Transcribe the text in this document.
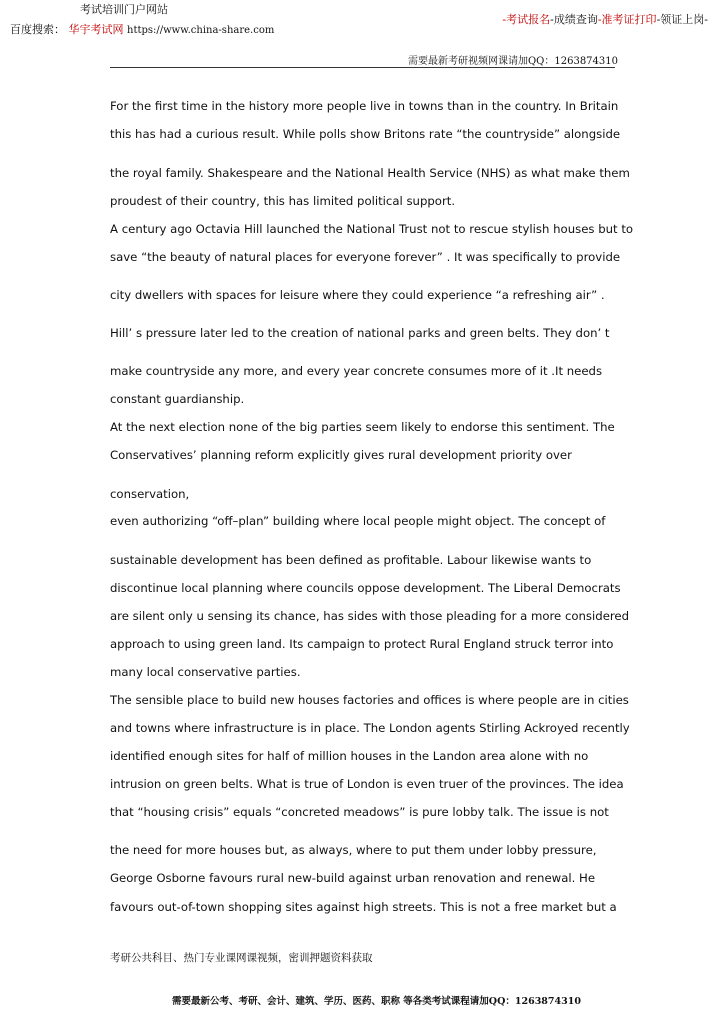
考试培训门户网站
百度搜索： 华宇考试网 https://www.china-share.com
-考试报名-成绩查询-准考证打印-领证上岗-
需要最新考研视频网课请加QQ：1263874310
For the first time in the history more people live in towns than in the country. In Britain
this has had a curious result. While polls show Britons rate “the countryside” alongside
the royal family. Shakespeare and the National Health Service (NHS) as what make them
proudest of their country, this has limited political support.
A century ago Octavia Hill launched the National Trust not to rescue stylish houses but to
save “the beauty of natural places for everyone forever” . It was specifically to provide
city dwellers with spaces for leisure where they could experience “a refreshing air” .
Hill’ s pressure later led to the creation of national parks and green belts. They don’ t
make countryside any more, and every year concrete consumes more of it .It needs
constant guardianship.
At the next election none of the big parties seem likely to endorse this sentiment. The
Conservatives’ planning reform explicitly gives rural development priority over
conservation,
even authorizing “off–plan” building where local people might object. The concept of
sustainable development has been defined as profitable. Labour likewise wants to
discontinue local planning where councils oppose development. The Liberal Democrats
are silent only u sensing its chance, has sides with those pleading for a more considered
approach to using green land. Its campaign to protect Rural England struck terror into
many local conservative parties.
The sensible place to build new houses factories and offices is where people are in cities
and towns where infrastructure is in place. The London agents Stirling Ackroyed recently
identified enough sites for half of million houses in the Landon area alone with no
intrusion on green belts. What is true of London is even truer of the provinces. The idea
that “housing crisis” equals “concreted meadows” is pure lobby talk. The issue is not
the need for more houses but, as always, where to put them under lobby pressure,
George Osborne favours rural new-build against urban renovation and renewal. He
favours out-of-town shopping sites against high streets. This is not a free market but a
考研公共科目、热门专业课网课视频，密训押题资料获取
需要最新公考、考研、会计、建筑、学历、医药、职称 等各类考试课程请加QQ：1263874310
